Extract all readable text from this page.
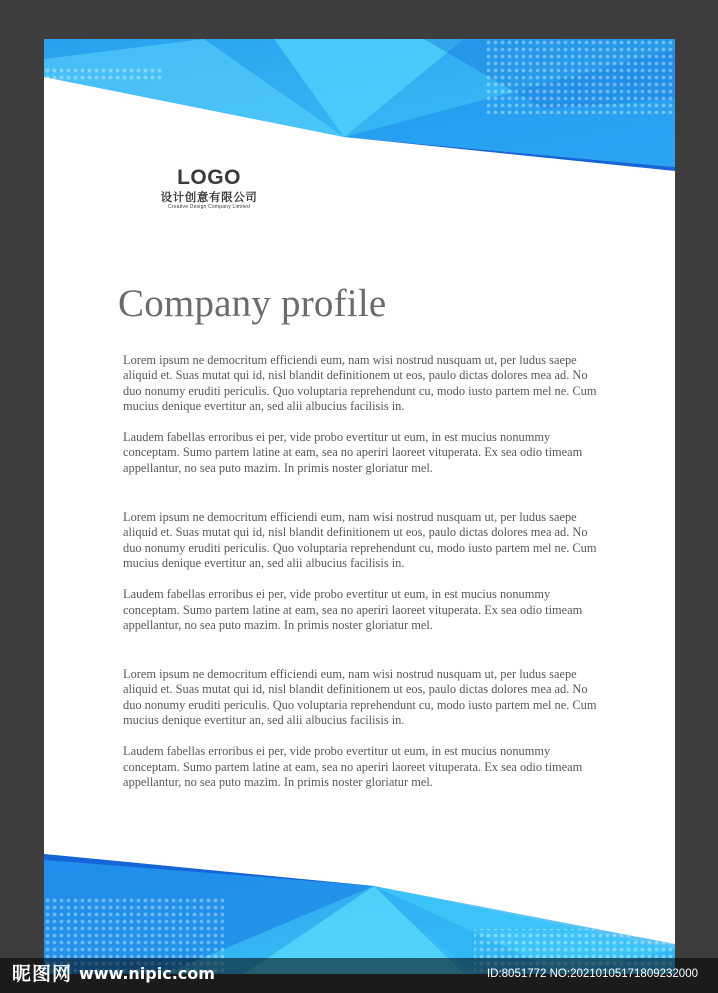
LOGO
设计创意有限公司
Creative Design Company Limited
Company profile

Lorem ipsum ne democritum efficiendi eum, nam wisi nostrud nusquam ut, per ludus saepe aliquid et. Suas mutat qui id, nisl blandit definitionem ut eos, paulo dictas dolores mea ad. No duo nonumy eruditi periculis. Quo voluptaria reprehendunt cu, modo iusto partem mel ne. Cum mucius denique evertitur an, sed alii albucius facilisis in.

Laudem fabellas erroribus ei per, vide probo evertitur ut eum, in est mucius nonummy conceptam. Sumo partem latine at eam, sea no aperiri laoreet vituperata. Ex sea odio timeam appellantur, no sea puto mazim. In primis noster gloriatur mel.

Lorem ipsum ne democritum efficiendi eum, nam wisi nostrud nusquam ut, per ludus saepe aliquid et. Suas mutat qui id, nisl blandit definitionem ut eos, paulo dictas dolores mea ad. No duo nonumy eruditi periculis. Quo voluptaria reprehendunt cu, modo iusto partem mel ne. Cum mucius denique evertitur an, sed alii albucius facilisis in.

Laudem fabellas erroribus ei per, vide probo evertitur ut eum, in est mucius nonummy conceptam. Sumo partem latine at eam, sea no aperiri laoreet vituperata. Ex sea odio timeam appellantur, no sea puto mazim. In primis noster gloriatur mel.

Lorem ipsum ne democritum efficiendi eum, nam wisi nostrud nusquam ut, per ludus saepe aliquid et. Suas mutat qui id, nisl blandit definitionem ut eos, paulo dictas dolores mea ad. No duo nonumy eruditi periculis. Quo voluptaria reprehendunt cu, modo iusto partem mel ne. Cum mucius denique evertitur an, sed alii albucius facilisis in.

Laudem fabellas erroribus ei per, vide probo evertitur ut eum, in est mucius nonummy conceptam. Sumo partem latine at eam, sea no aperiri laoreet vituperata. Ex sea odio timeam appellantur, no sea puto mazim. In primis noster gloriatur mel.

昵图网 www.nipic.com	ID:8051772 NO:20210105171809232000
